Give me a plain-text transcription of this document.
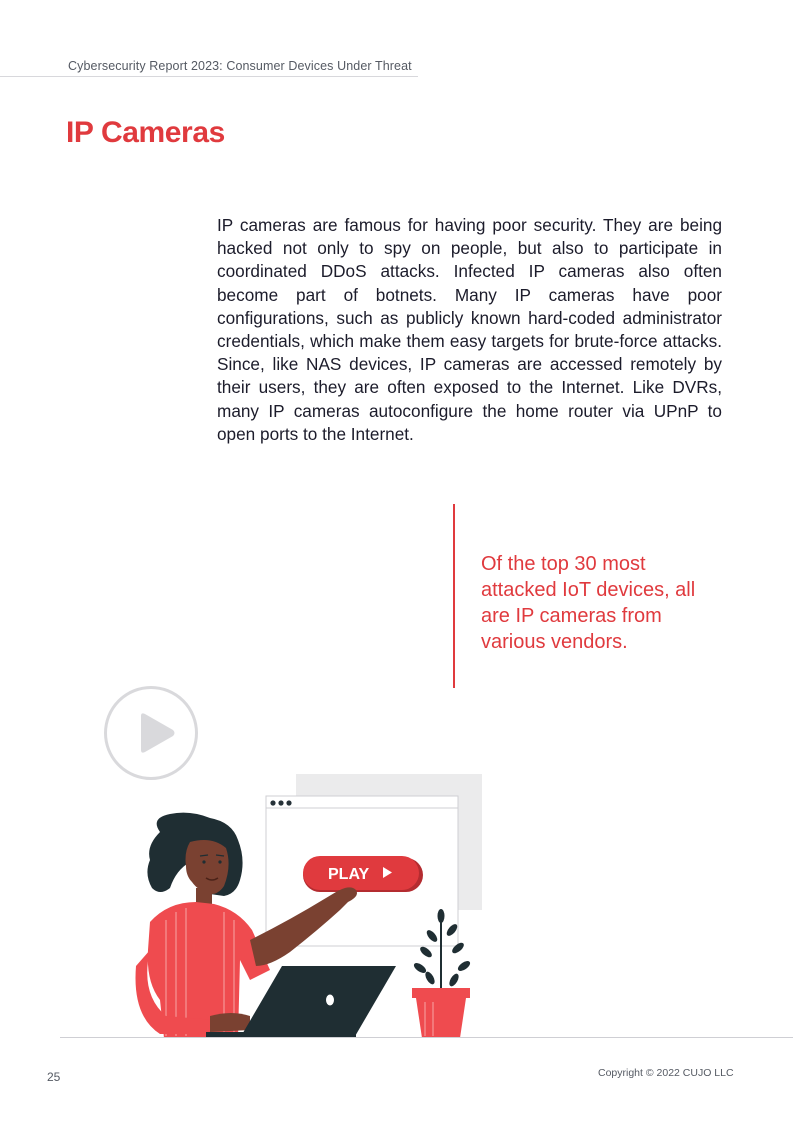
Cybersecurity Report 2023: Consumer Devices Under Threat
IP Cameras

IP cameras are famous for having poor security. They are being hacked not only to spy on people, but also to participate in coordinated DDoS attacks. Infected IP cameras also often become part of botnets. Many IP cameras have poor configurations, such as publicly known hard-coded administrator credentials, which make them easy targets for brute-force attacks. Since, like NAS devices, IP cameras are accessed remotely by their users, they are often exposed to the Internet. Like DVRs, many IP cameras autoconfigure the home router via UPnP to open ports to the Internet.

Of the top 30 most attacked IoT devices, all are IP cameras from various vendors.

PLAY
25	Copyright © 2022 CUJO LLC
